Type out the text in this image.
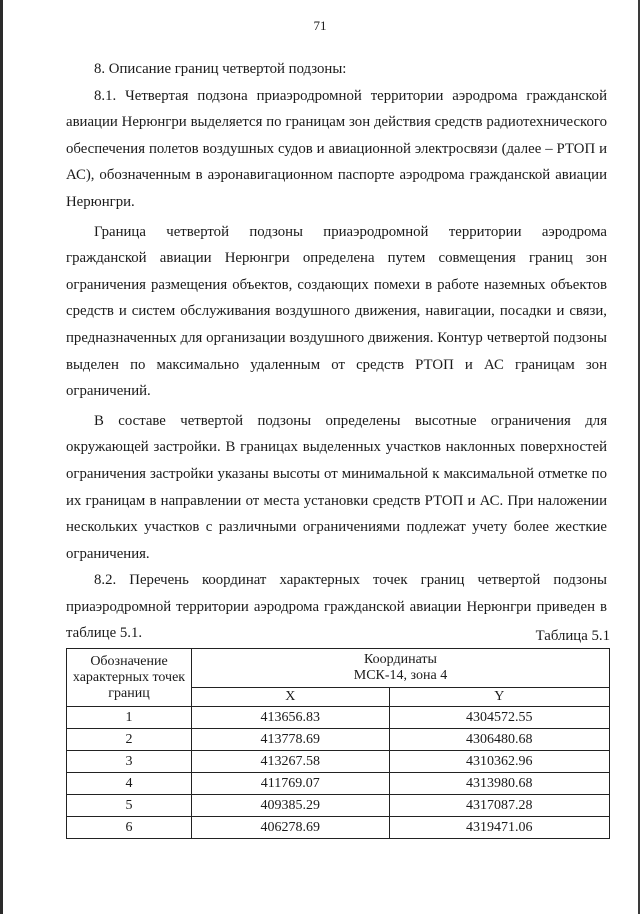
71

8. Описание границ четвертой подзоны:

8.1. Четвертая подзона приаэродромной территории аэродрома гражданской авиации Нерюнгри выделяется по границам зон действия средств радиотехнического обеспечения полетов воздушных судов и авиационной электросвязи (далее – РТОП и АС), обозначенным в аэронавигационном паспорте аэродрома гражданской авиации Нерюнгри.

Граница четвертой подзоны приаэродромной территории аэродрома гражданской авиации Нерюнгри определена путем совмещения границ зон ограничения размещения объектов, создающих помехи в работе наземных объектов средств и систем обслуживания воздушного движения, навигации, посадки и связи, предназначенных для организации воздушного движения. Контур четвертой подзоны выделен по максимально удаленным от средств РТОП и АС границам зон ограничений.

В составе четвертой подзоны определены высотные ограничения для окружающей застройки. В границах выделенных участков наклонных поверхностей ограничения застройки указаны высоты от минимальной к максимальной отметке по их границам в направлении от места установки средств РТОП и АС. При наложении нескольких участков с различными ограничениями подлежат учету более жесткие ограничения.

8.2. Перечень координат характерных точек границ четвертой подзоны приаэродромной территории аэродрома гражданской авиации Нерюнгри приведен в таблице 5.1.	Таблица 5.1
Обозначение характерных точек границ	Координаты
МСК-14, зона 4	

	X	Y
1	413656.83	4304572.55
2	413778.69	4306480.68
3	413267.58	4310362.96
4	411769.07	4313980.68
5	409385.29	4317087.28
6	406278.69	4319471.06
